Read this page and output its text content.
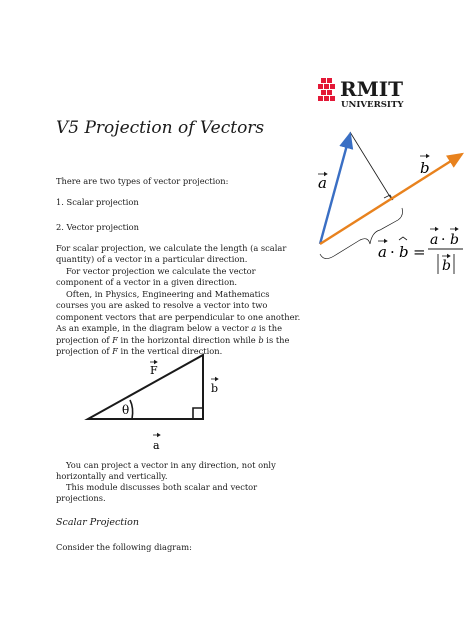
RMIT
UNIVERSITY
V5 Projection of Vectors
a
b
a · b =
a · b
b
There are two types of vector projection:
1. Scalar projection
2. Vector projection
For scalar projection, we calculate the length (a scalar quantity) of a vector in a particular direction.
For vector projection we calculate the vector component of a vector in a given direction.
Often, in Physics, Engineering and Mathematics courses you are asked to resolve a vector into two component vectors that are perpendicular to one another. As an example, in the diagram below a vector a is the projection of F in the horizontal direction while b is the projection of F in the vertical direction.
θ
F
b
a
You can project a vector in any direction, not only horizontally and vertically.
This module discusses both scalar and vector projections.
Scalar Projection
Consider the following diagram:
